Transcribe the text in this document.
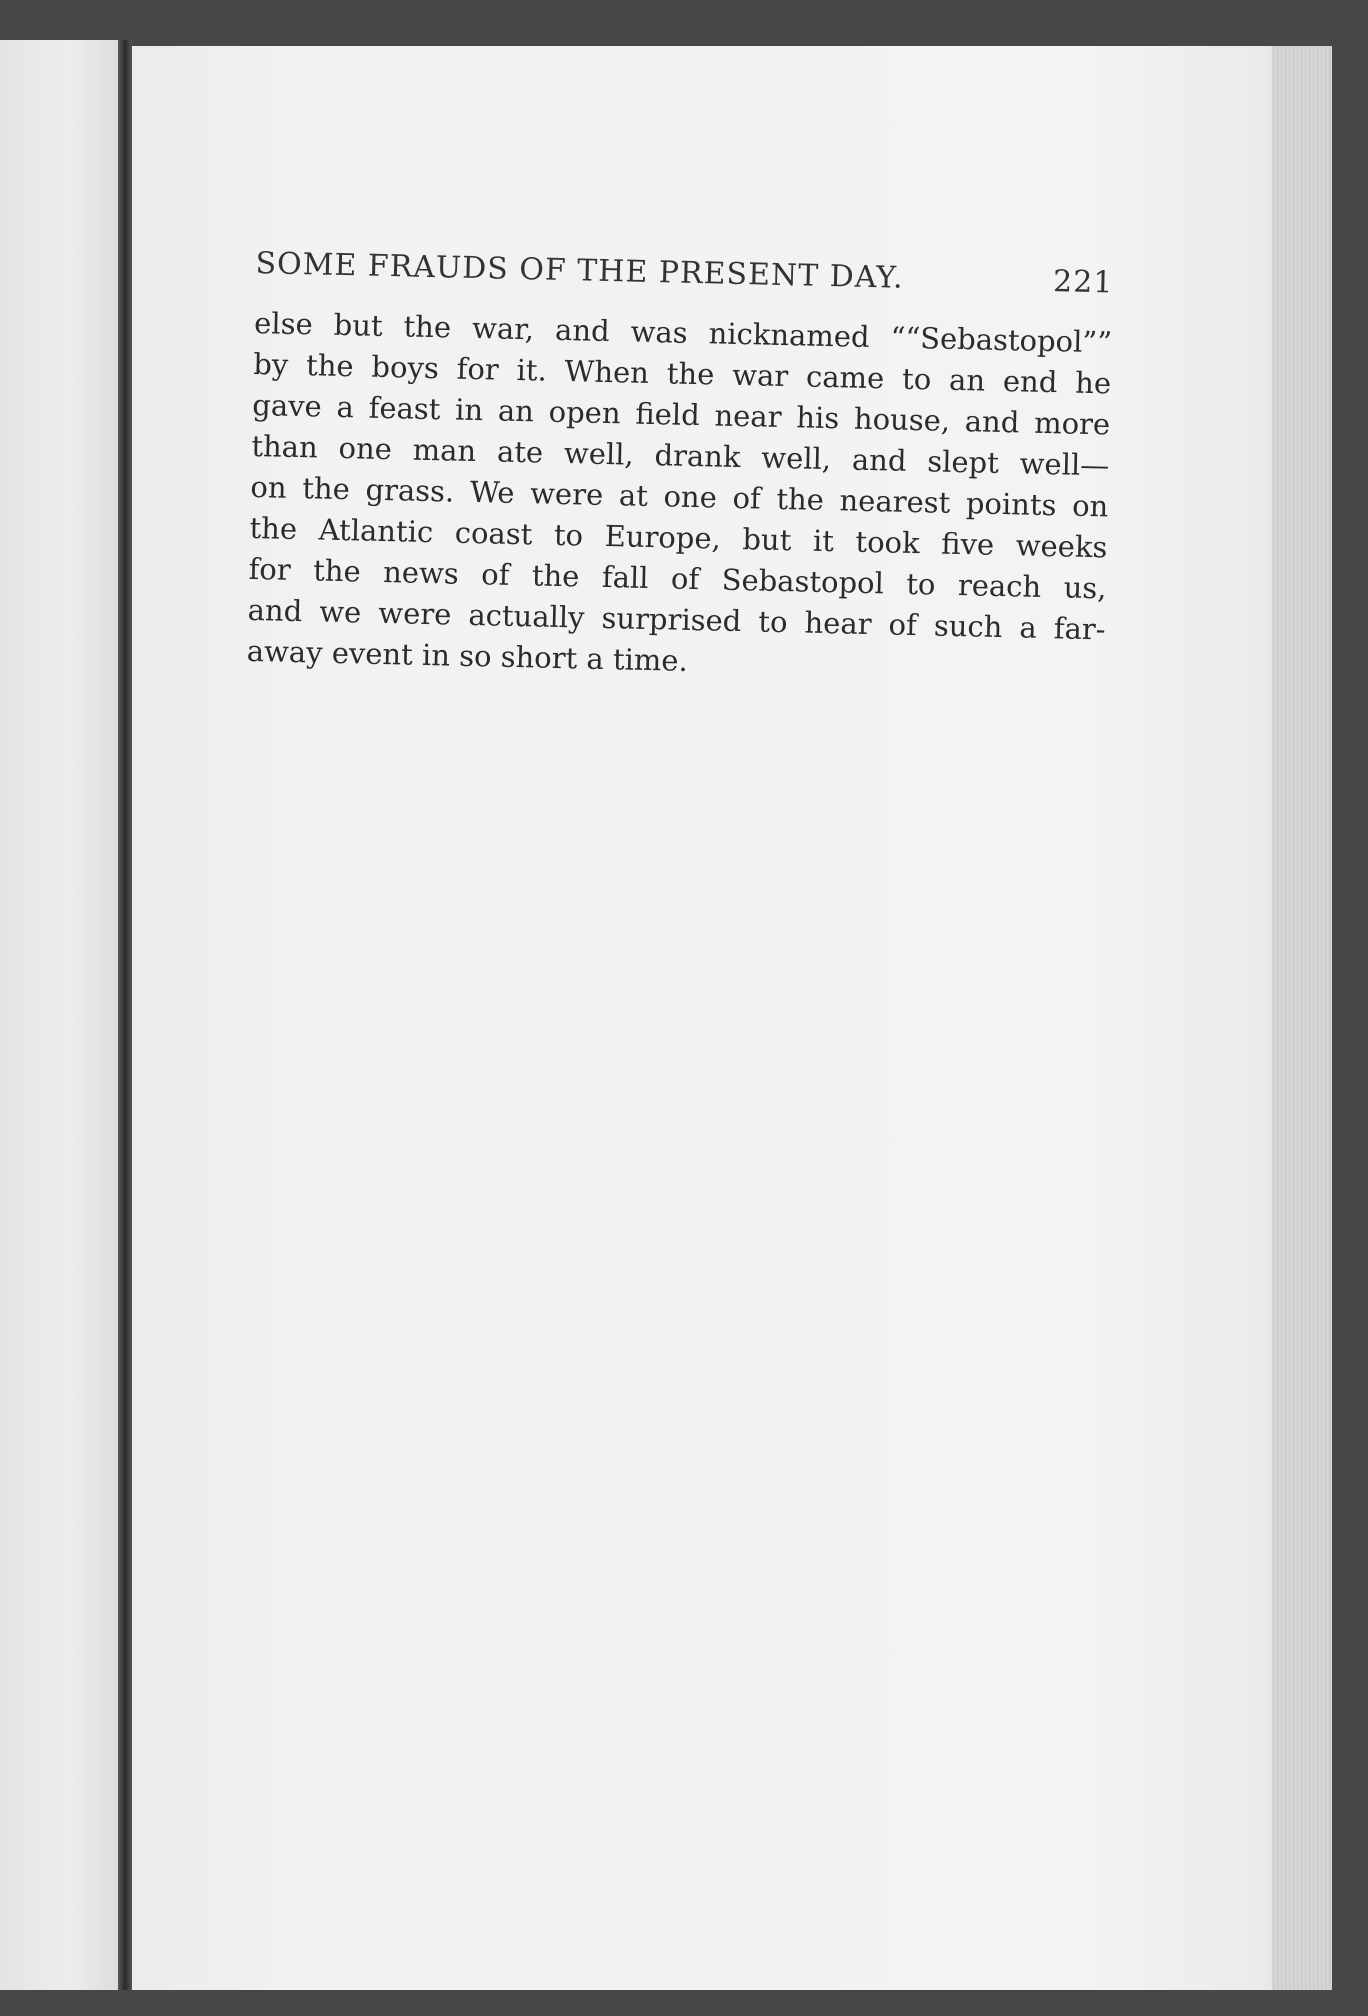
SOME FRAUDS OF THE PRESENT DAY.	221

else but the war, and was nicknamed ““Sebastopol””
by the boys for it. When the war came to an end he
gave a feast in an open field near his house, and more
than one man ate well, drank well, and slept well—
on the grass. We were at one of the nearest points on
the Atlantic coast to Europe, but it took five weeks
for the news of the fall of Sebastopol to reach us,
and we were actually surprised to hear of such a far-
away event in so short a time.
